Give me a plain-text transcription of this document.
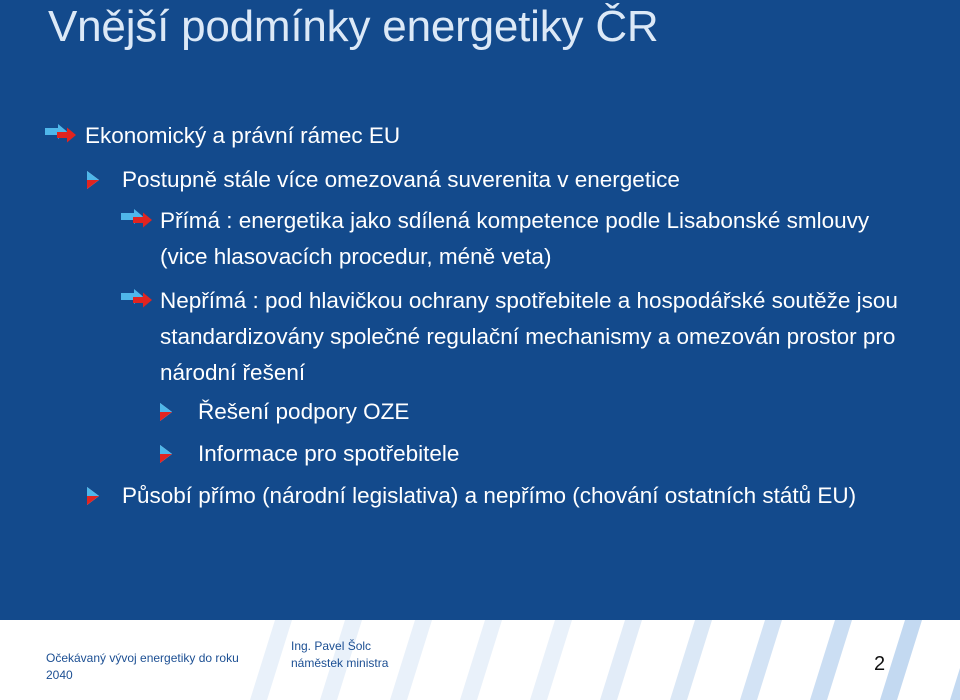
Vnější podmínky energetiky ČR
Ekonomický a právní rámec EU
Postupně stále více omezovaná suverenita v energetice
Přímá : energetika jako sdílená kompetence podle Lisabonské smlouvy (vice hlasovacích procedur, méně veta)
Nepřímá : pod hlavičkou ochrany spotřebitele a hospodářské soutěže jsou standardizovány společné regulační mechanismy a omezován prostor pro národní řešení
Řešení podpory OZE
Informace pro spotřebitele
Působí přímo (národní legislativa) a nepřímo (chování ostatních států EU)
Očekávaný vývoj energetiky do roku 2040
Ing. Pavel Šolc
náměstek ministra	2
